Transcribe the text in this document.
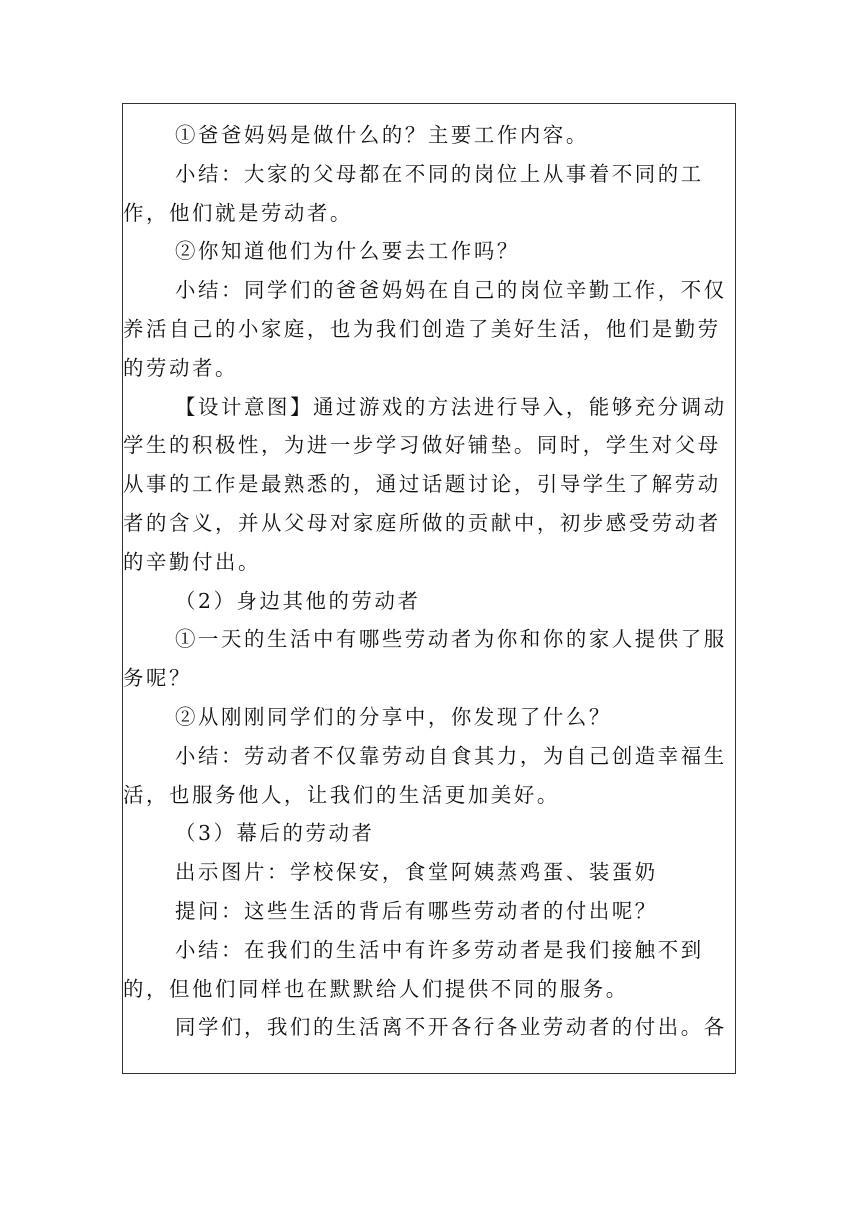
①爸爸妈妈是做什么的？主要工作内容。

小结：大家的父母都在不同的岗位上从事着不同的工作，他们就是劳动者。

②你知道他们为什么要去工作吗？

小结：同学们的爸爸妈妈在自己的岗位辛勤工作，不仅养活自己的小家庭，也为我们创造了美好生活，他们是勤劳的劳动者。

【设计意图】通过游戏的方法进行导入，能够充分调动学生的积极性，为进一步学习做好铺垫。同时，学生对父母从事的工作是最熟悉的，通过话题讨论，引导学生了解劳动者的含义，并从父母对家庭所做的贡献中，初步感受劳动者的辛勤付出。

（2）身边其他的劳动者

①一天的生活中有哪些劳动者为你和你的家人提供了服务呢？

②从刚刚同学们的分享中，你发现了什么？

小结：劳动者不仅靠劳动自食其力，为自己创造幸福生活，也服务他人，让我们的生活更加美好。

（3）幕后的劳动者

出示图片：学校保安，食堂阿姨蒸鸡蛋、装蛋奶

提问：这些生活的背后有哪些劳动者的付出呢？

小结：在我们的生活中有许多劳动者是我们接触不到的，但他们同样也在默默给人们提供不同的服务。

同学们，我们的生活离不开各行各业劳动者的付出。各
